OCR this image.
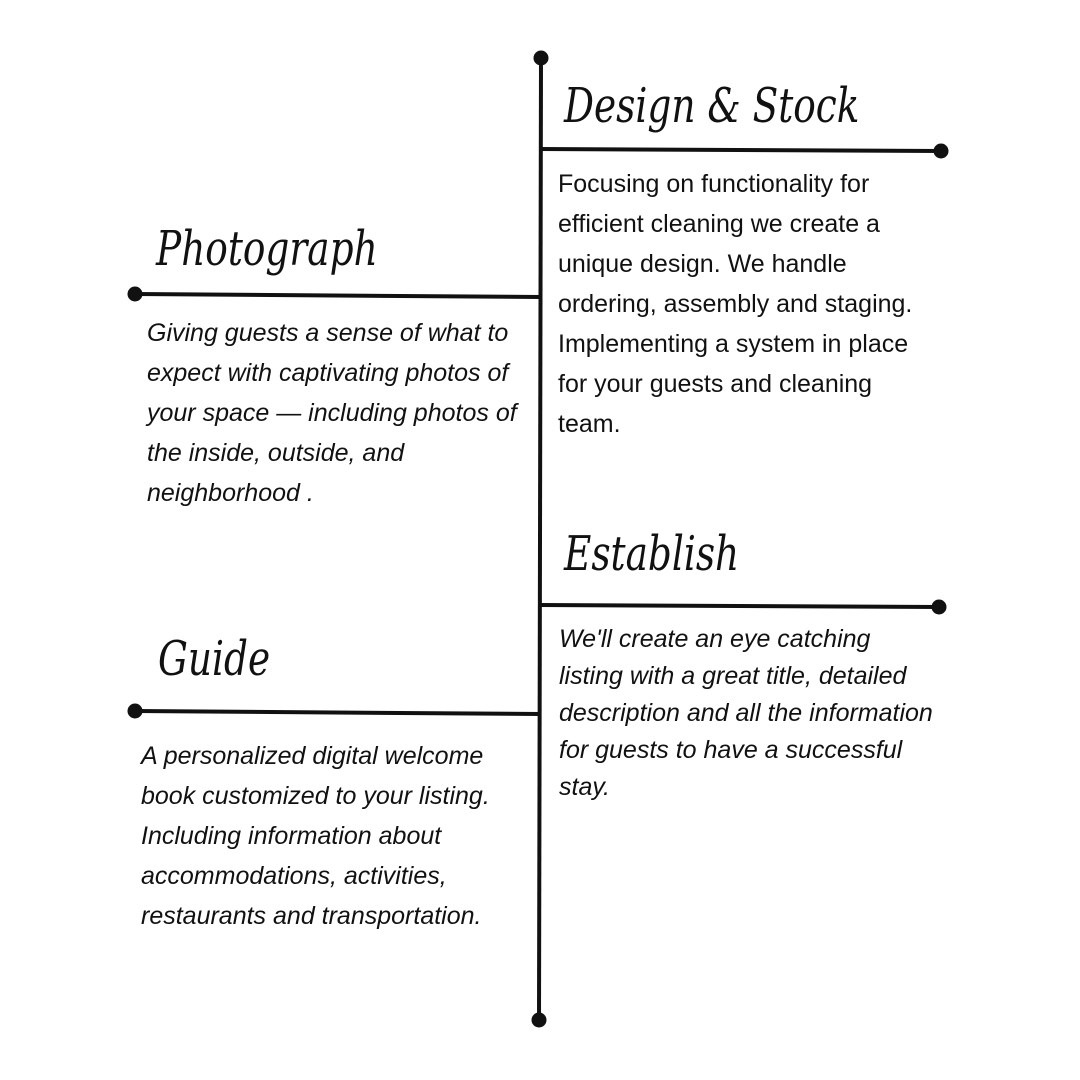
Design & Stock

Focusing on functionality for efficient cleaning we create a unique design. We handle ordering, assembly and staging. Implementing a system in place for your guests and cleaning team.

Photograph

Giving guests a sense of what to expect with captivating photos of your space — including photos of the inside, outside, and neighborhood .

Establish

We'll create an eye catching listing with a great title, detailed description and all the information for guests to have a successful stay.

Guide

A personalized digital welcome book customized to your listing. Including information about accommodations, activities, restaurants and transportation.
